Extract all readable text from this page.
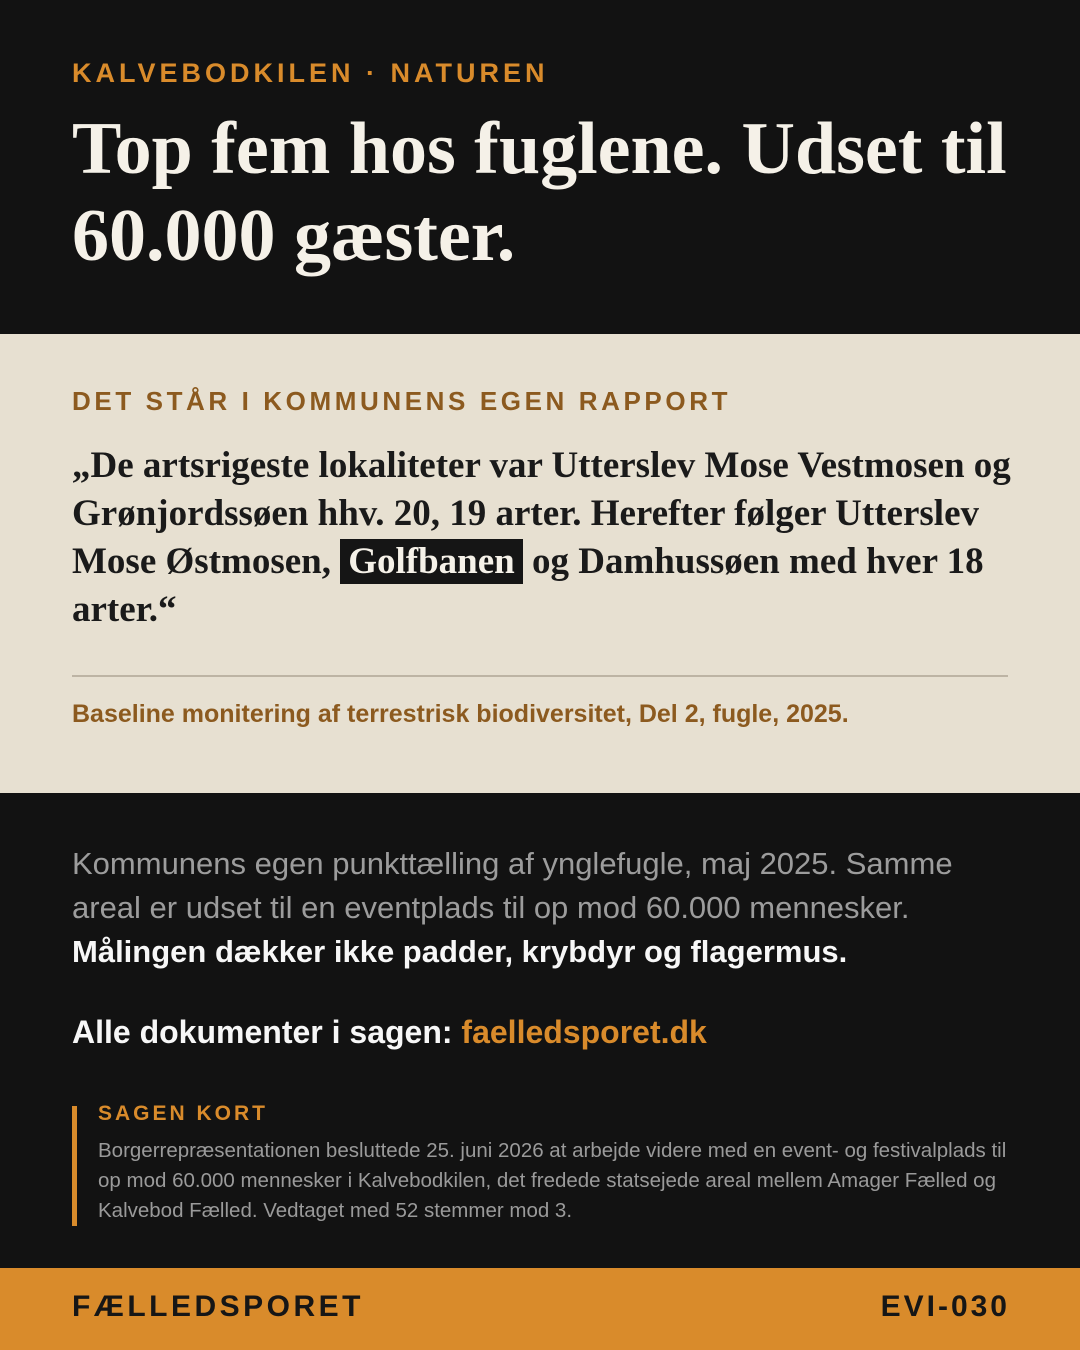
KALVEBODKILEN · NATUREN
Top fem hos fuglene. Udset til 60.000 gæster.
DET STÅR I KOMMUNENS EGEN RAPPORT

„De artsrigeste lokaliteter var Utterslev Mose Vestmosen og Grønjordssøen hhv. 20, 19 arter. Herefter følger Utterslev Mose Østmosen, Golfbanen og Damhussøen med hver 18 arter.“

Baseline monitering af terrestrisk biodiversitet, Del 2, fugle, 2025.
Kommunens egen punkttælling af ynglefugle, maj 2025. Samme areal er udset til en eventplads til op mod 60.000 mennesker. Målingen dækker ikke padder, krybdyr og flagermus.
Alle dokumenter i sagen: faelledsporet.dk
SAGEN KORT

Borgerrepræsentationen besluttede 25. juni 2026 at arbejde videre med en event- og festivalplads til op mod 60.000 mennesker i Kalvebodkilen, det fredede statsejede areal mellem Amager Fælled og Kalvebod Fælled. Vedtaget med 52 stemmer mod 3.

FÆLLEDSPORET	EVI-030
